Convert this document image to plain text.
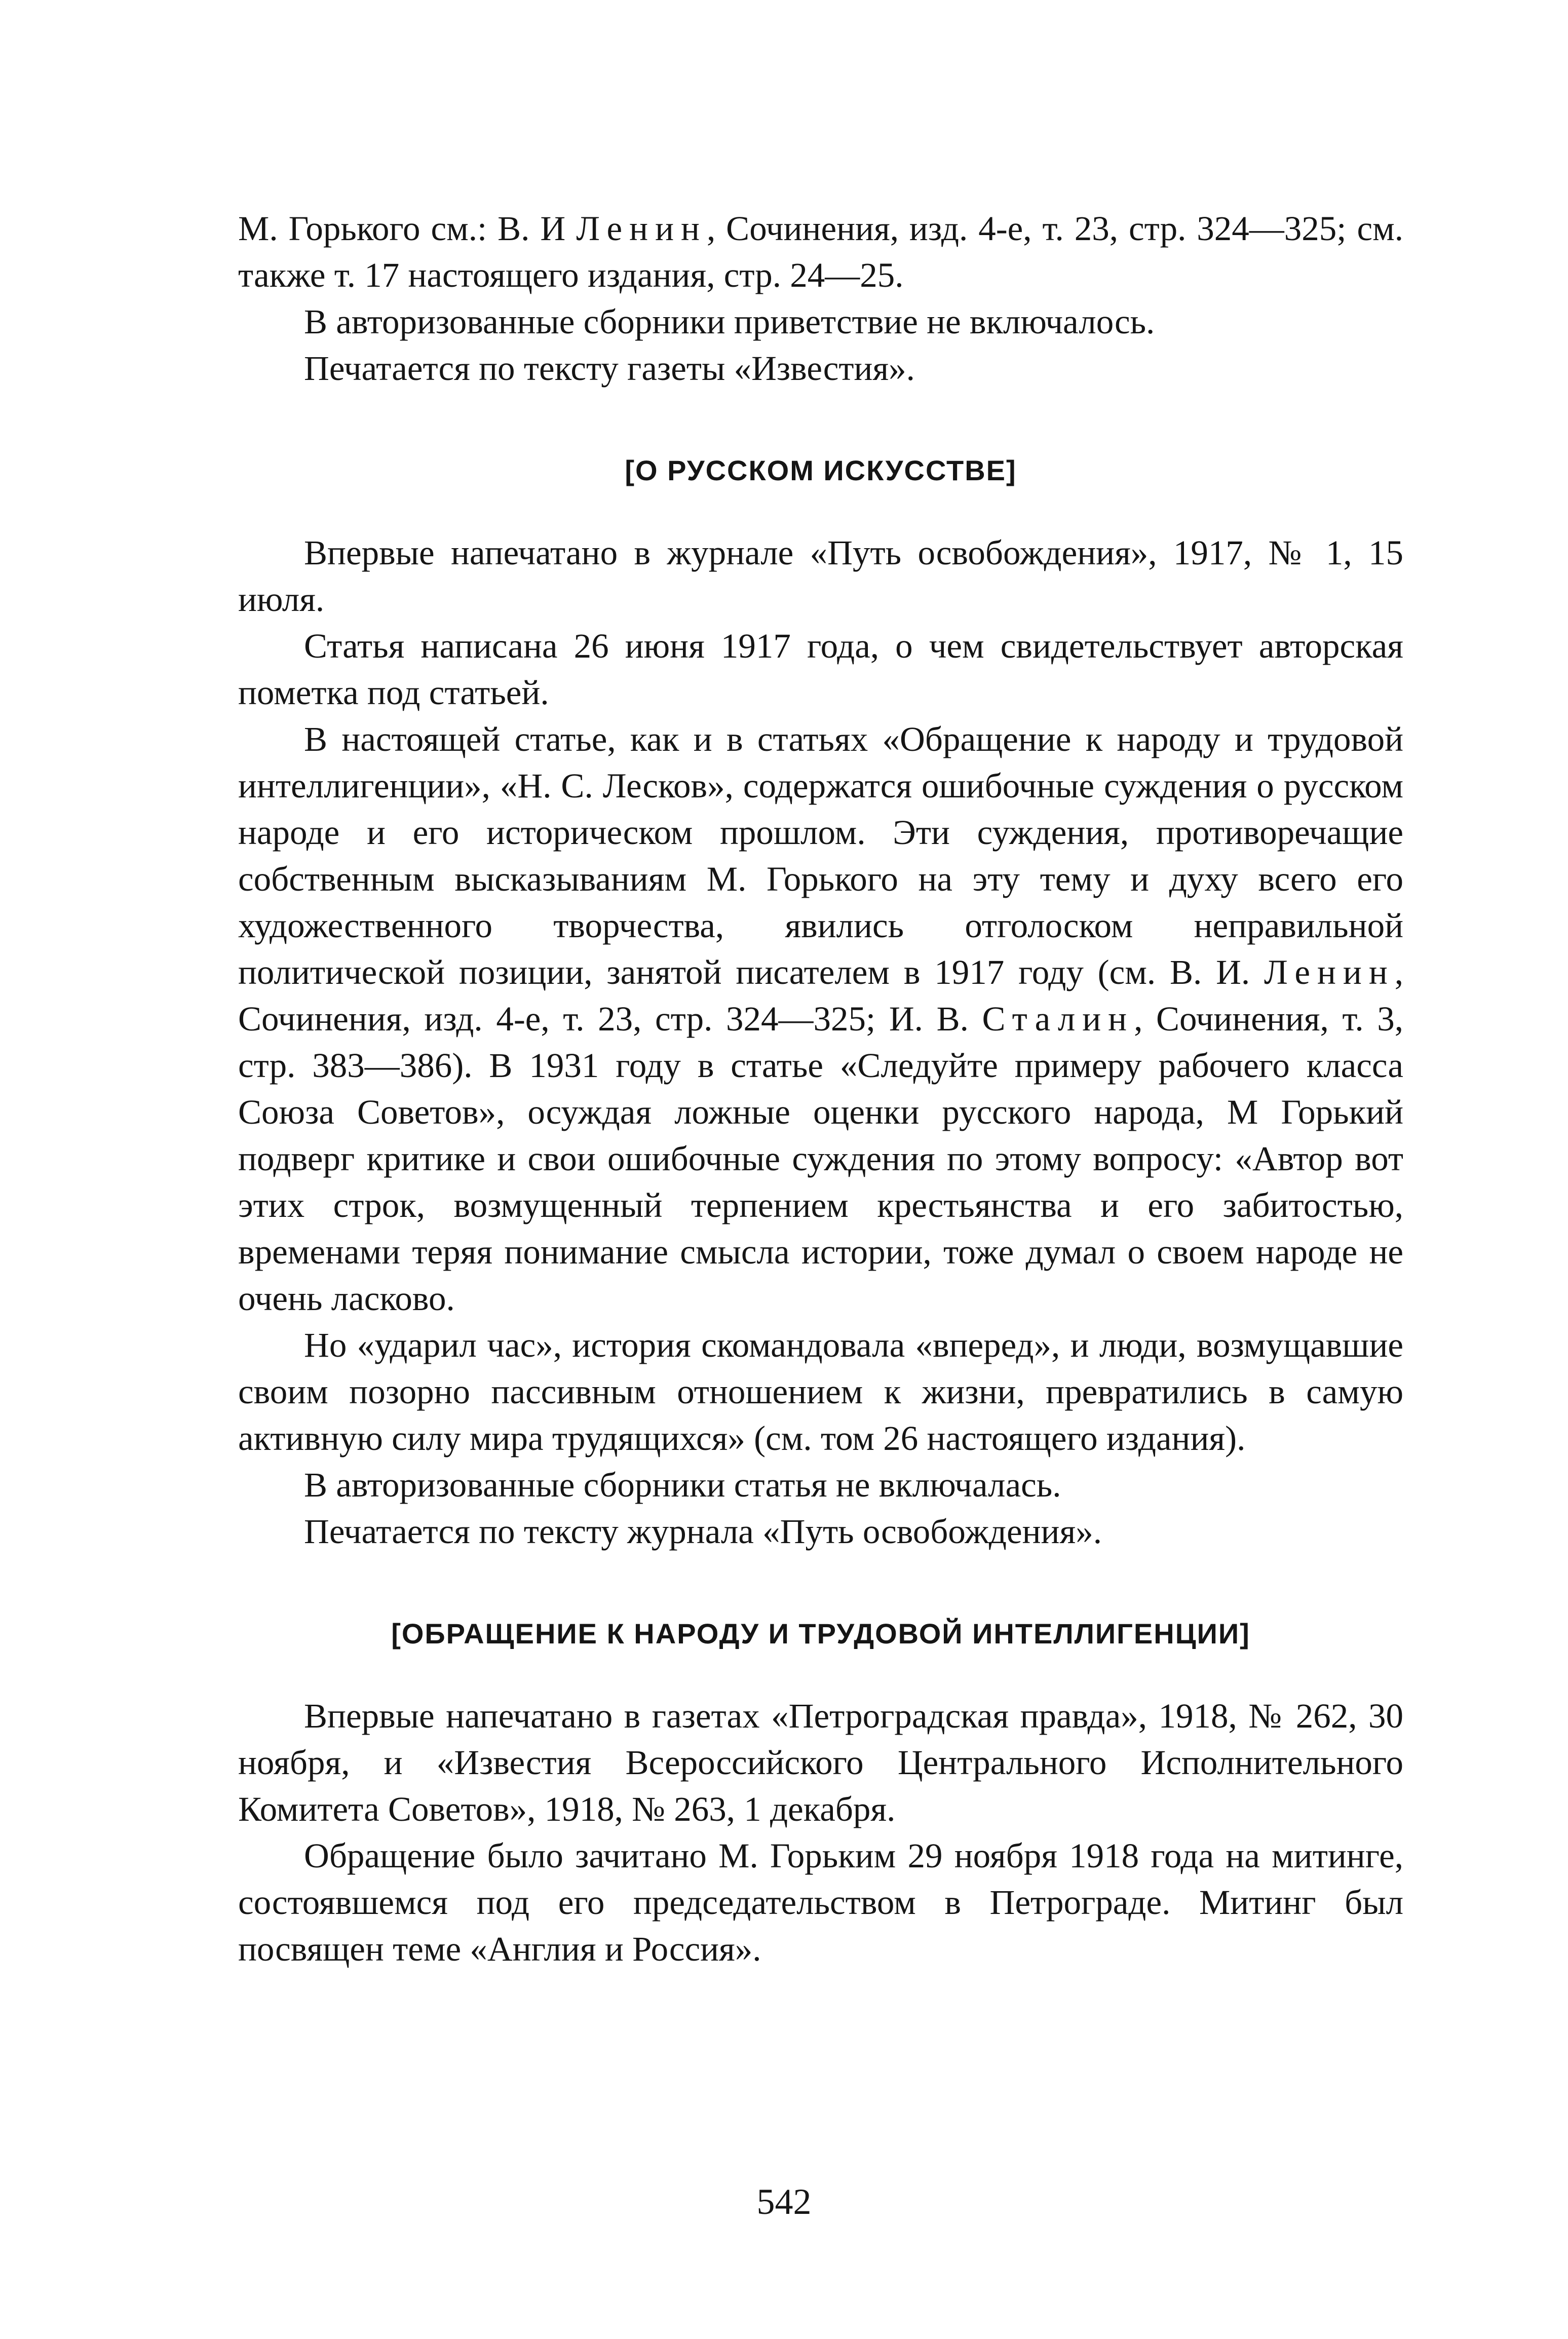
М. Горького см.: В. И Ленин, Сочинения, изд. 4-е, т. 23, стр. 324—325; см. также т. 17 настоящего издания, стр. 24—25.

В авторизованные сборники приветствие не включалось.

Печатается по тексту газеты «Известия».

[О РУССКОМ ИСКУССТВЕ]

Впервые напечатано в журнале «Путь освобождения», 1917, № 1, 15 июля.

Статья написана 26 июня 1917 года, о чем свидетельствует авторская пометка под статьей.

В настоящей статье, как и в статьях «Обращение к народу и трудовой интеллигенции», «Н. С. Лесков», содержатся ошибочные суждения о русском народе и его историческом прошлом. Эти суждения, противоречащие собственным высказываниям М. Горького на эту тему и духу всего его художественного творчества, явились отголоском неправильной политической позиции, занятой писателем в 1917 году (см. В. И. Ленин, Сочинения, изд. 4-е, т. 23, стр. 324—325; И. В. Сталин, Сочинения, т. 3, стр. 383—386). В 1931 году в статье «Следуйте примеру рабочего класса Союза Советов», осуждая ложные оценки русского народа, М Горький подверг критике и свои ошибочные суждения по этому вопросу: «Автор вот этих строк, возмущенный терпением крестьянства и его забитостью, временами теряя понимание смысла истории, тоже думал о своем народе не очень ласково.

Но «ударил час», история скомандовала «вперед», и люди, возмущавшие своим позорно пассивным отношением к жизни, превратились в самую активную силу мира трудящихся» (см. том 26 настоящего издания).

В авторизованные сборники статья не включалась.

Печатается по тексту журнала «Путь освобождения».

[ОБРАЩЕНИЕ К НАРОДУ И ТРУДОВОЙ ИНТЕЛЛИГЕНЦИИ]

Впервые напечатано в газетах «Петроградская правда», 1918, № 262, 30 ноября, и «Известия Всероссийского Центрального Исполнительного Комитета Советов», 1918, № 263, 1 декабря.

Обращение было зачитано М. Горьким 29 ноября 1918 года на митинге, состоявшемся под его председательством в Петрограде. Митинг был посвящен теме «Англия и Россия».

542
